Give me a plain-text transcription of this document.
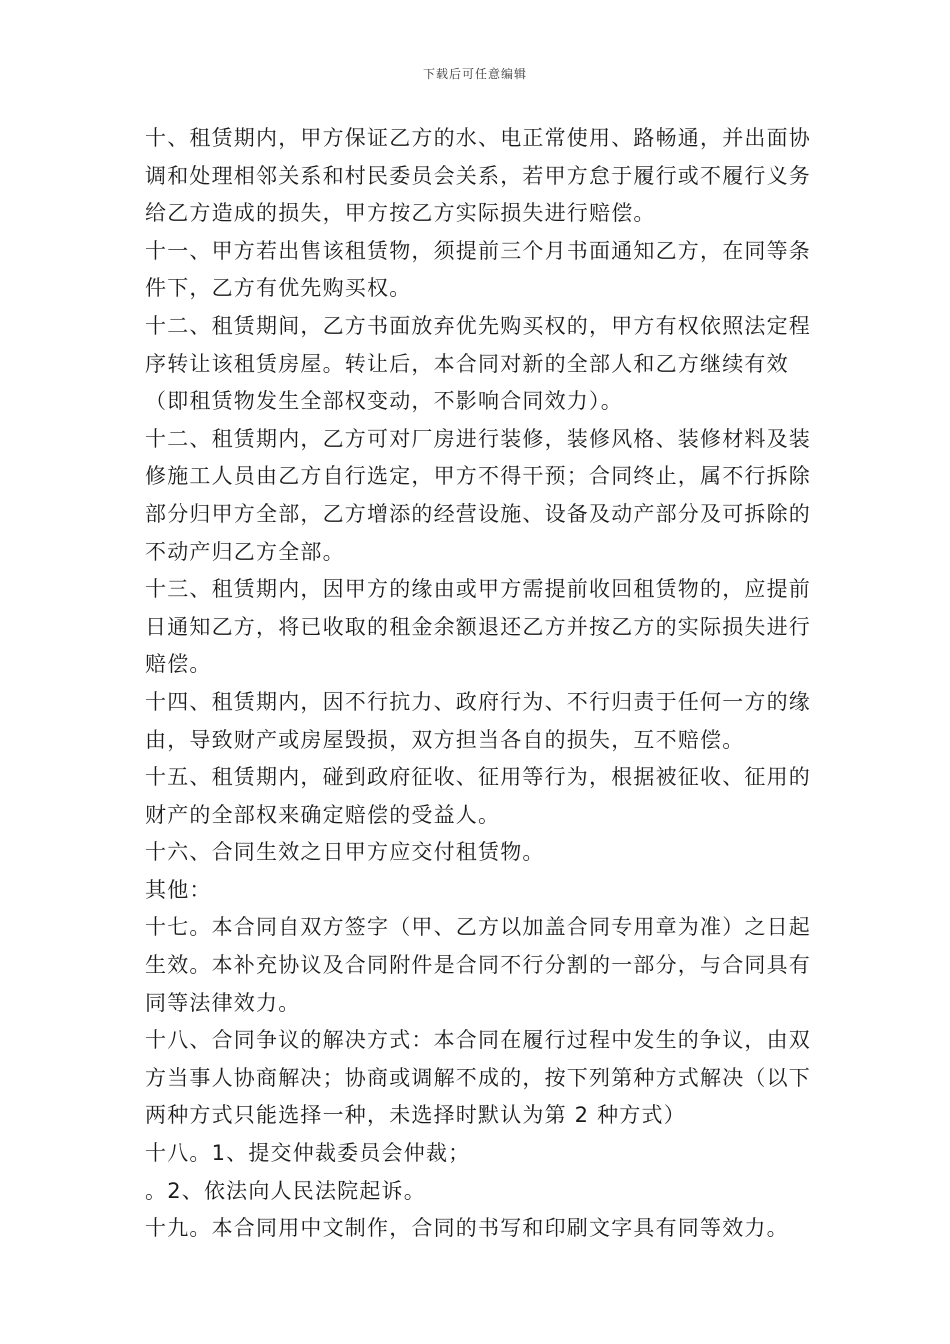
下载后可任意编辑

十、租赁期内，甲方保证乙方的水、电正常使用、路畅通，并出面协调和处理相邻关系和村民委员会关系，若甲方怠于履行或不履行义务给乙方造成的损失，甲方按乙方实际损失进行赔偿。

十一、甲方若出售该租赁物，须提前三个月书面通知乙方，在同等条件下，乙方有优先购买权。

十二、租赁期间，乙方书面放弃优先购买权的，甲方有权依照法定程序转让该租赁房屋。转让后，本合同对新的全部人和乙方继续有效（即租赁物发生全部权变动，不影响合同效力）。

十二、租赁期内，乙方可对厂房进行装修，装修风格、装修材料及装修施工人员由乙方自行选定，甲方不得干预；合同终止，属不行拆除部分归甲方全部，乙方增添的经营设施、设备及动产部分及可拆除的不动产归乙方全部。

十三、租赁期内，因甲方的缘由或甲方需提前收回租赁物的，应提前日通知乙方，将已收取的租金余额退还乙方并按乙方的实际损失进行赔偿。

十四、租赁期内，因不行抗力、政府行为、不行归责于任何一方的缘由，导致财产或房屋毁损，双方担当各自的损失，互不赔偿。

十五、租赁期内，碰到政府征收、征用等行为，根据被征收、征用的财产的全部权来确定赔偿的受益人。

十六、合同生效之日甲方应交付租赁物。

其他：

十七。本合同自双方签字（甲、乙方以加盖合同专用章为准）之日起生效。本补充协议及合同附件是合同不行分割的一部分，与合同具有同等法律效力。

十八、合同争议的解决方式：本合同在履行过程中发生的争议，由双方当事人协商解决；协商或调解不成的，按下列第种方式解决（以下两种方式只能选择一种，未选择时默认为第 2 种方式）

十八。1、提交仲裁委员会仲裁；

。2、依法向人民法院起诉。

十九。本合同用中文制作，合同的书写和印刷文字具有同等效力。
